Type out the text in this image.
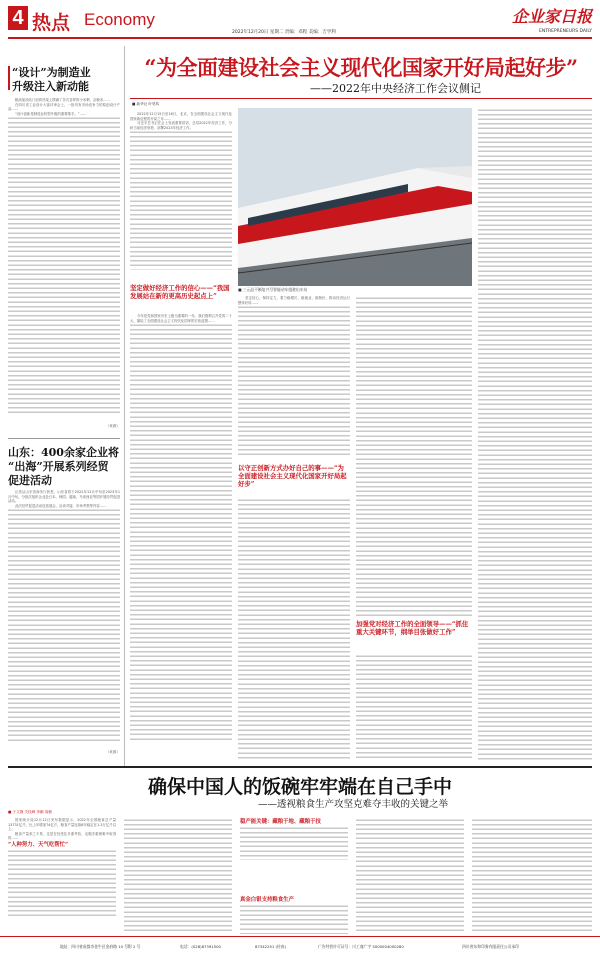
4 热点 Economy	企业家日报
2022年12月20日 星期二 责编：邓程 美编：吉学利	ENTREPRENEURS DAILY
“设计”为制造业
升级注入新动能

粮油加油站门前的货架上摆满了各式各样的小米粥、杂粮米……

在四川省工业设计大赛评审会上，一批具有市场竞争力的原创设计产品……

“设计创新是制造业转型升级的重要推手。”……

（来源）
山东：400余家企业将
“出海”开展系列经贸
促进活动

记者从山东省商务厅获悉，山东省将于2022年12月中旬至2023年1月中旬，分批次组织企业赴日本、韩国、越南、马来西亚等国开展经贸促进活动。

此次经贸促进活动包括展会、洽谈对接、市场考察等内容……

（来源）
“为全面建设社会主义现代化国家开好局起好步”
——2022年中央经济工作会议侧记
■ 新华社 叶昊鸣

2022年12月15日至16日，北京，在全面建设社会主义现代化国家新征程的开局之年……

习近平总书记在会上发表重要讲话，总结2022年经济工作，分析当前经济形势，部署2023年经济工作。

坚定做好经济工作的信心——“我国发展站在新的更高历史起点上”

今年是党和国家历史上极为重要的一年。我们胜利召开党的二十大，描绘了全面建设社会主义现代化国家的宏伟蓝图……

■ 三元品不断复兴号智能动车组驶出车站

坚定信心、保持定力，着力稳增长、稳就业、稳物价，推动经济运行整体好转……

以守正创新方式办好自己的事——“为全面建设社会主义现代化国家开好局起好步”
加强党对经济工作的全面领导——“抓住重大关键环节，纲举目张做好工作”
确保中国人的饭碗牢牢端在自己手中
——透视粮食生产攻坚克难夺丰收的关键之举
■ 于文静 关桂峰 李鹏 周楠

国家统计局12月12日发布数据显示，2022年全国粮食总产量13731亿斤，比上年增加74亿斤，粮食产量连续8年稳定在1.3万亿斤以上。

粮食产量来之不易，这是在经受住多重考验、克服多重困难中取得的……

“人种努力、天气吃帮忙”
稳产能关键：藏粮于地、藏粮于技
真金白银支持粮食生产
地址：四川省成都市金牛区金府路 10 号附 2 号	电话：(028)87391500	87342251 (传真)	广告经营许可证号：川工商广字 5000004000280	四川省东和印务有限责任公司承印
